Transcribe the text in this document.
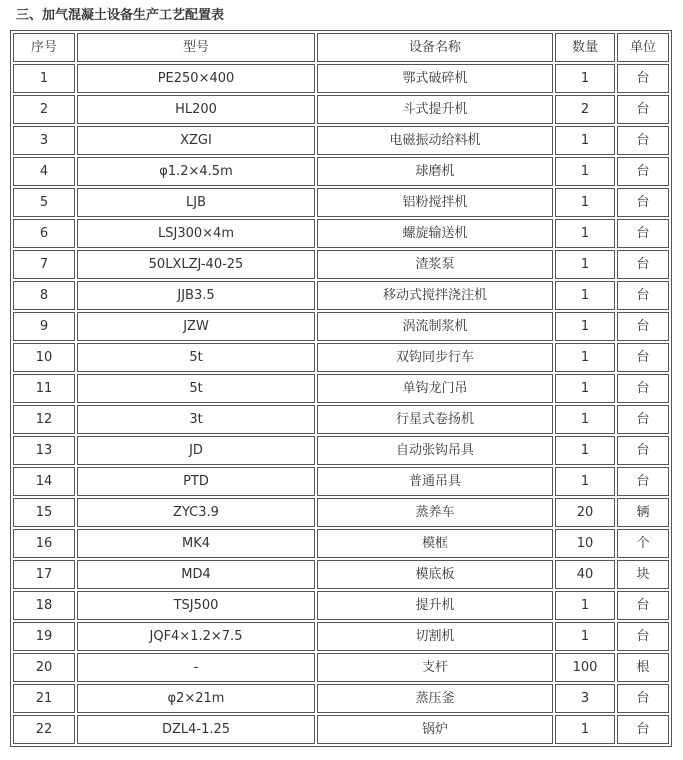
三、加气混凝土设备生产工艺配置表
序号	型号	设备名称	数量	单位
1	PE250×400	鄂式破碎机	1	台
2	HL200	斗式提升机	2	台
3	XZGI	电磁振动给料机	1	台
4	φ1.2×4.5m	球磨机	1	台
5	LJB	铝粉搅拌机	1	台
6	LSJ300×4m	螺旋输送机	1	台
7	50LXLZJ-40-25	渣浆泵	1	台
8	JJB3.5	移动式搅拌浇注机	1	台
9	JZW	涡流制浆机	1	台
10	5t	双钩同步行车	1	台
11	5t	单钩龙门吊	1	台
12	3t	行星式卷扬机	1	台
13	JD	自动张钩吊具	1	台
14	PTD	普通吊具	1	台
15	ZYC3.9	蒸养车	20	辆
16	MK4	模框	10	个
17	MD4	模底板	40	块
18	TSJ500	提升机	1	台
19	JQF4×1.2×7.5	切割机	1	台
20	-	支杆	100	根
21	φ2×21m	蒸压釜	3	台
22	DZL4-1.25	锅炉	1	台
